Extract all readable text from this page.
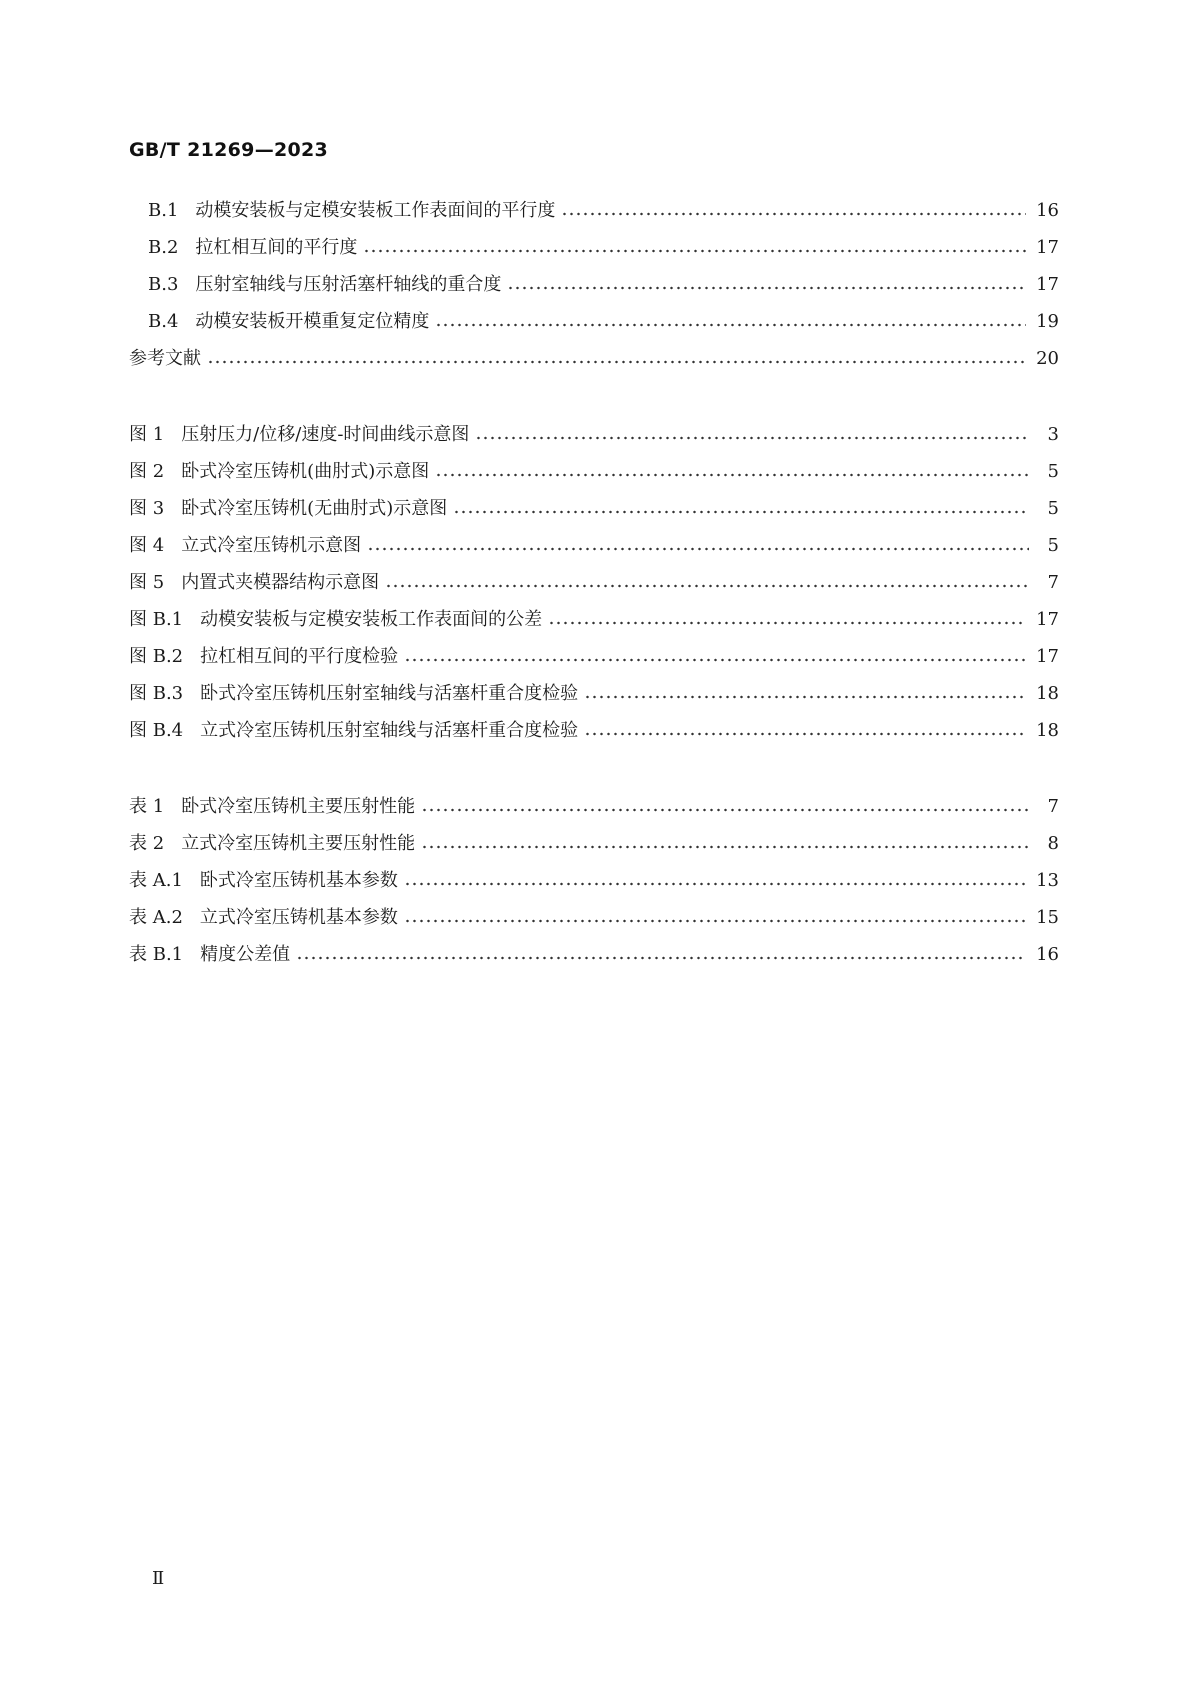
GB/T 21269—2023
B.1 动模安装板与定模安装板工作表面间的平行度	16
B.2 拉杠相互间的平行度	17
B.3 压射室轴线与压射活塞杆轴线的重合度	17
B.4 动模安装板开模重复定位精度	19
参考文献	20
图 1 压射压力/位移/速度-时间曲线示意图	3
图 2 卧式冷室压铸机(曲肘式)示意图	5
图 3 卧式冷室压铸机(无曲肘式)示意图	5
图 4 立式冷室压铸机示意图	5
图 5 内置式夹模器结构示意图	7
图 B.1 动模安装板与定模安装板工作表面间的公差	17
图 B.2 拉杠相互间的平行度检验	17
图 B.3 卧式冷室压铸机压射室轴线与活塞杆重合度检验	18
图 B.4 立式冷室压铸机压射室轴线与活塞杆重合度检验	18
表 1 卧式冷室压铸机主要压射性能	7
表 2 立式冷室压铸机主要压射性能	8
表 A.1 卧式冷室压铸机基本参数	13
表 A.2 立式冷室压铸机基本参数	15
表 B.1 精度公差值	16
Ⅱ
